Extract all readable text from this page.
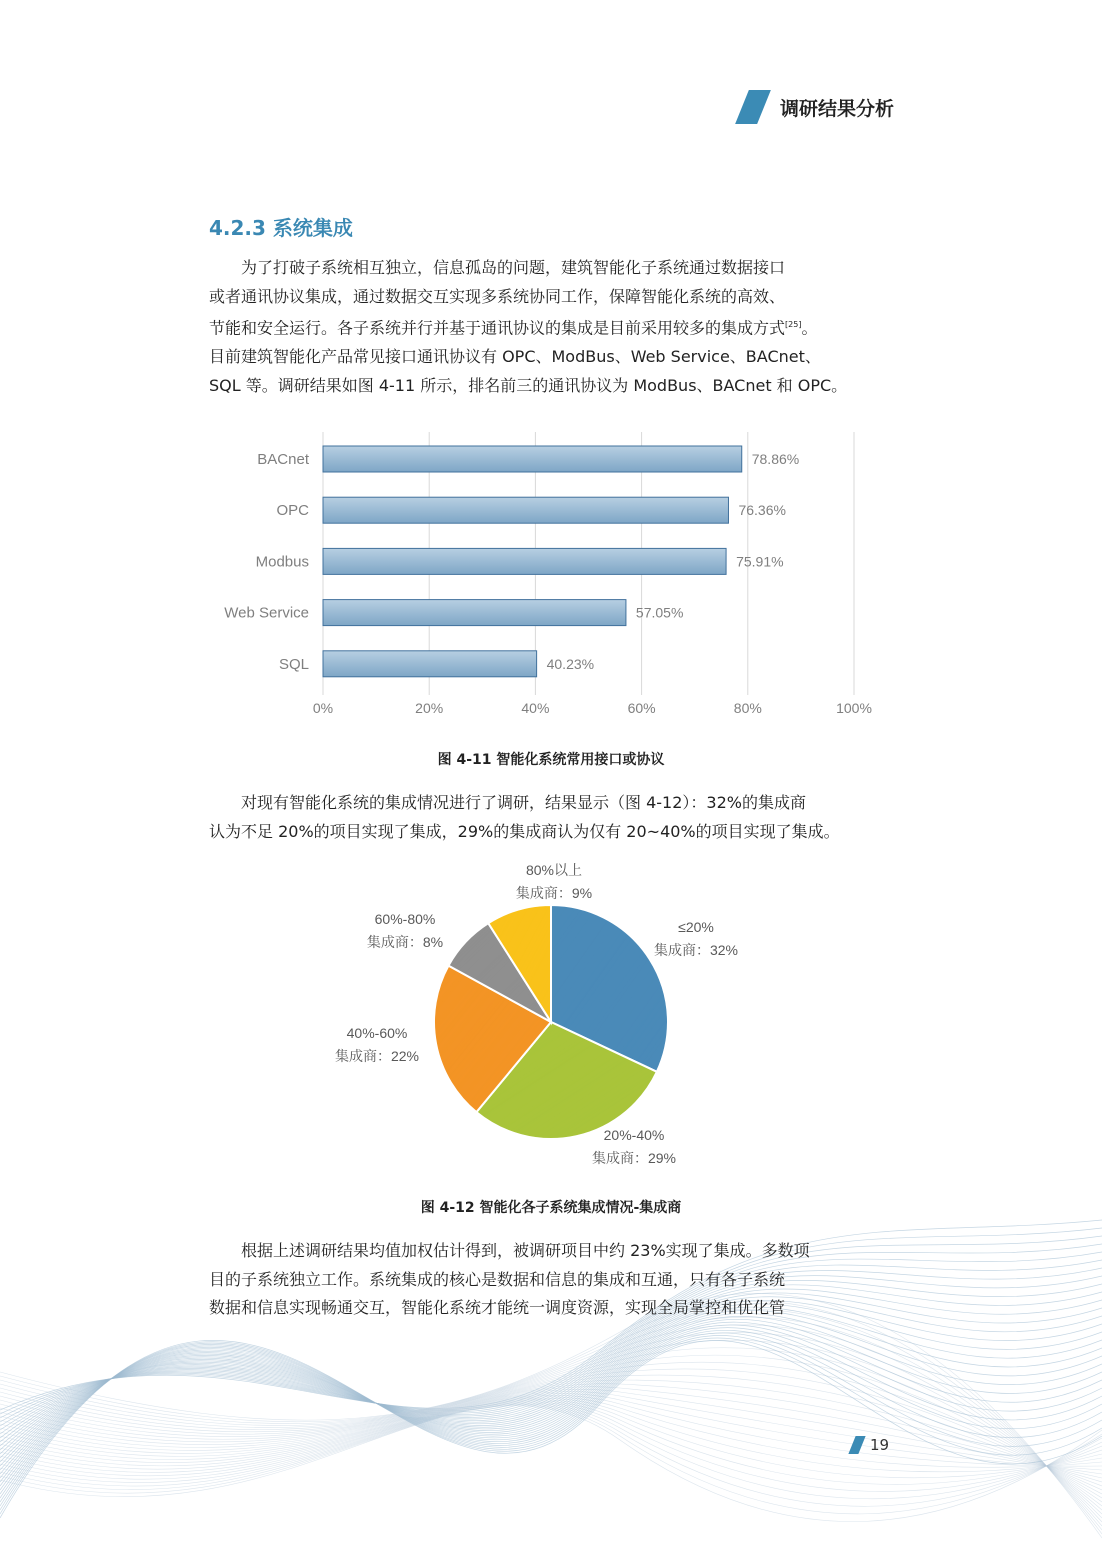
调研结果分析
4.2.3 系统集成
　　为了打破子系统相互独立，信息孤岛的问题，建筑智能化子系统通过数据接口
或者通讯协议集成，通过数据交互实现多系统协同工作，保障智能化系统的高效、
节能和安全运行。各子系统并行并基于通讯协议的集成是目前采用较多的集成方式[25]。
目前建筑智能化产品常见接口通讯协议有 OPC、ModBus、Web Service、BACnet、
SQL 等。调研结果如图 4-11 所示，排名前三的通讯协议为 ModBus、BACnet 和 OPC。
0%	20%	40%	60%	80%	100%
BACnet	78.86%
OPC	76.36%
Modbus	75.91%
Web Service	57.05%
SQL	40.23%
图 4-11 智能化系统常用接口或协议
　　对现有智能化系统的集成情况进行了调研，结果显示（图 4-12）：32%的集成商
认为不足 20%的项目实现了集成，29%的集成商认为仅有 20~40%的项目实现了集成。
≤20%
集成商：32%
20%-40%
集成商：29%
40%-60%
集成商：22%
60%-80%
集成商：8%
80%以上
集成商：9%
图 4-12 智能化各子系统集成情况-集成商
　　根据上述调研结果均值加权估计得到，被调研项目中约 23%实现了集成。多数项
目的子系统独立工作。系统集成的核心是数据和信息的集成和互通，只有各子系统
数据和信息实现畅通交互，智能化系统才能统一调度资源，实现全局掌控和优化管
19
